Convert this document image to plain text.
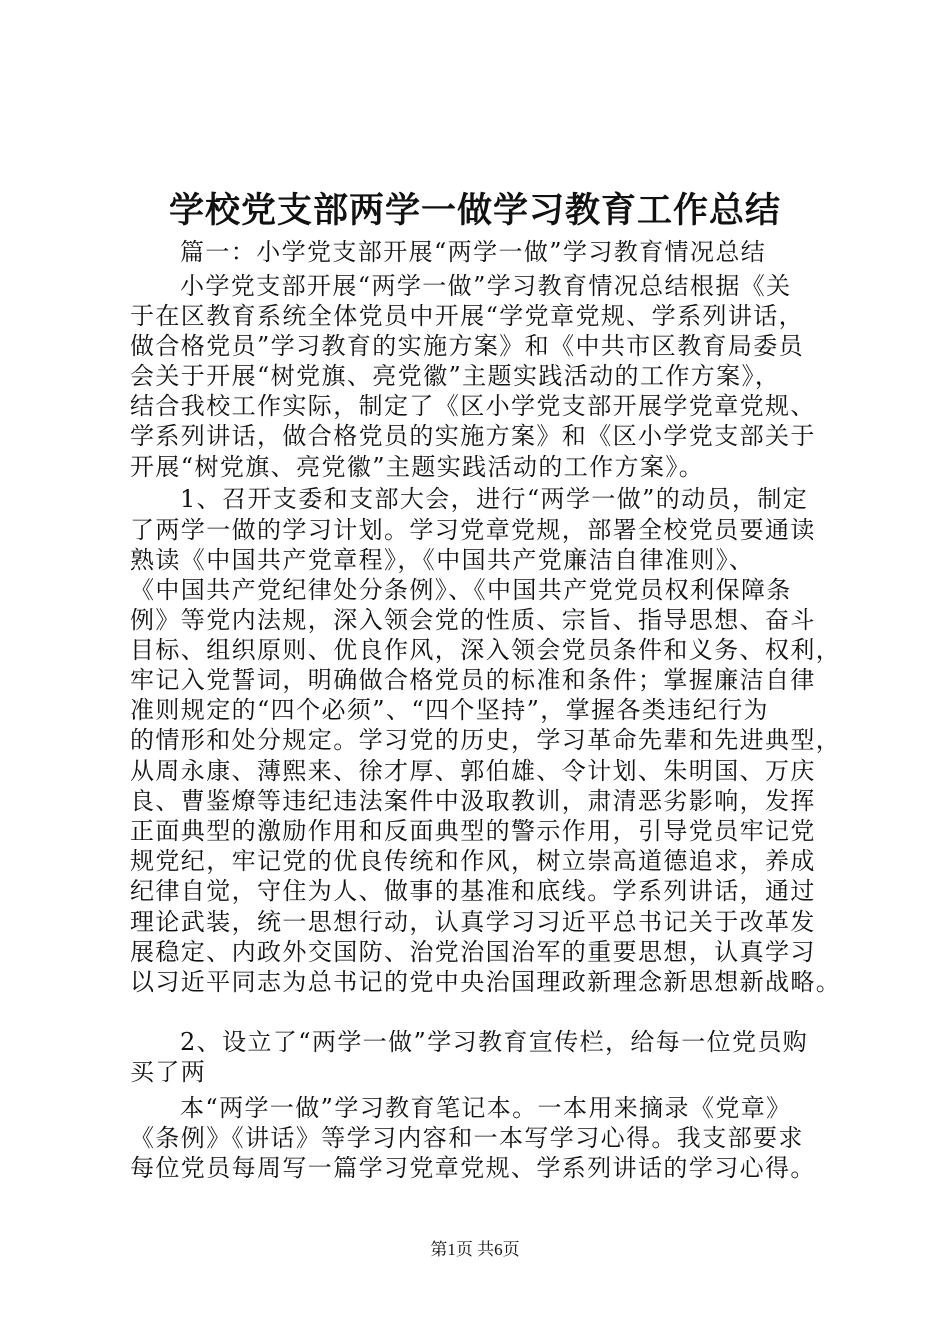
学校党支部两学一做学习教育工作总结
篇一：小学党支部开展“两学一做”学习教育情况总结
小学党支部开展“两学一做”学习教育情况总结根据《关
于在区教育系统全体党员中开展“学党章党规、学系列讲话，
做合格党员”学习教育的实施方案》和《中共市区教育局委员
会关于开展“树党旗、亮党徽”主题实践活动的工作方案》，
结合我校工作实际，制定了《区小学党支部开展学党章党规、
学系列讲话，做合格党员的实施方案》和《区小学党支部关于
开展“树党旗、亮党徽”主题实践活动的工作方案》。
1、召开支委和支部大会，进行“两学一做”的动员，制定
了两学一做的学习计划。学习党章党规，部署全校党员要通读
熟读《中国共产党章程》，《中国共产党廉洁自律准则》、
《中国共产党纪律处分条例》、《中国共产党党员权利保障条
例》等党内法规，深入领会党的性质、宗旨、指导思想、奋斗
目标、组织原则、优良作风，深入领会党员条件和义务、权利，
牢记入党誓词，明确做合格党员的标准和条件；掌握廉洁自律
准则规定的“四个必须”、“四个坚持”，掌握各类违纪行为
的情形和处分规定。学习党的历史，学习革命先辈和先进典型，
从周永康、薄熙来、徐才厚、郭伯雄、令计划、朱明国、万庆
良、曹鉴燎等违纪违法案件中汲取教训，肃清恶劣影响，发挥
正面典型的激励作用和反面典型的警示作用，引导党员牢记党
规党纪，牢记党的优良传统和作风，树立崇高道德追求，养成
纪律自觉，守住为人、做事的基准和底线。学系列讲话，通过
理论武装，统一思想行动，认真学习习近平总书记关于改革发
展稳定、内政外交国防、治党治国治军的重要思想，认真学习
以习近平同志为总书记的党中央治国理政新理念新思想新战略。
2、设立了“两学一做”学习教育宣传栏，给每一位党员购
买了两
本“两学一做”学习教育笔记本。一本用来摘录《党章》
《条例》《讲话》等学习内容和一本写学习心得。我支部要求
每位党员每周写一篇学习党章党规、学系列讲话的学习心得。
第1页 共6页
